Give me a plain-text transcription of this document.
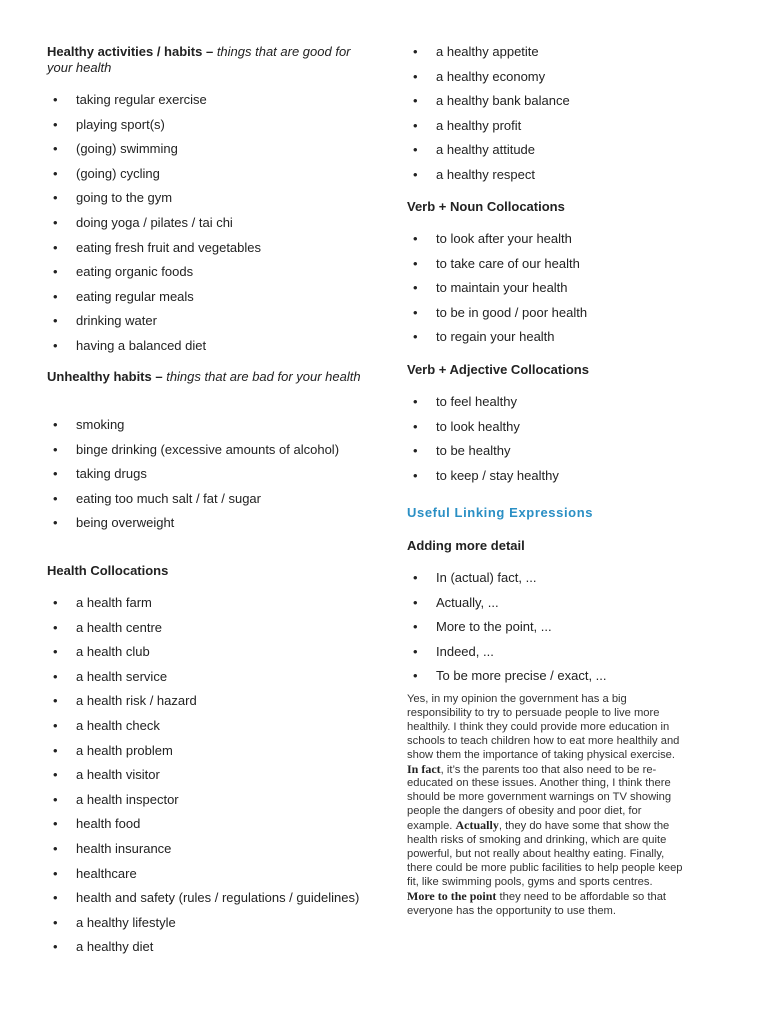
Healthy activities / habits – things that are good for your health
• taking regular exercise
• playing sport(s)
• (going) swimming
• (going) cycling
• going to the gym
• doing yoga / pilates / tai chi
• eating fresh fruit and vegetables
• eating organic foods
• eating regular meals
• drinking water
• having a balanced diet
Unhealthy habits – things that are bad for your health
• smoking
• binge drinking (excessive amounts of alcohol)
• taking drugs
• eating too much salt / fat / sugar
• being overweight
Health Collocations
• a health farm
• a health centre
• a health club
• a health service
• a health risk / hazard
• a health check
• a health problem
• a health visitor
• a health inspector
• health food
• health insurance
• healthcare
• health and safety (rules / regulations / guidelines)
• a healthy lifestyle
• a healthy diet
• a healthy appetite
• a healthy economy
• a healthy bank balance
• a healthy profit
• a healthy attitude
• a healthy respect
Verb + Noun Collocations
• to look after your health
• to take care of our health
• to maintain your health
• to be in good / poor health
• to regain your health
Verb + Adjective Collocations
• to feel healthy
• to look healthy
• to be healthy
• to keep / stay healthy
Useful Linking Expressions
Adding more detail
• In (actual) fact, ...
• Actually, ...
• More to the point, ...
• Indeed, ...
• To be more precise / exact, ...
Yes, in my opinion the government has a big responsibility to try to persuade people to live more healthily. I think they could provide more education in schools to teach children how to eat more healthily and show them the importance of taking physical exercise. In fact, it’s the parents too that also need to be re-educated on these issues. Another thing, I think there should be more government warnings on TV showing people the dangers of obesity and poor diet, for example. Actually, they do have some that show the health risks of smoking and drinking, which are quite powerful, but not really about healthy eating. Finally, there could be more public facilities to help people keep fit, like swimming pools, gyms and sports centres. More to the point they need to be affordable so that everyone has the opportunity to use them.
